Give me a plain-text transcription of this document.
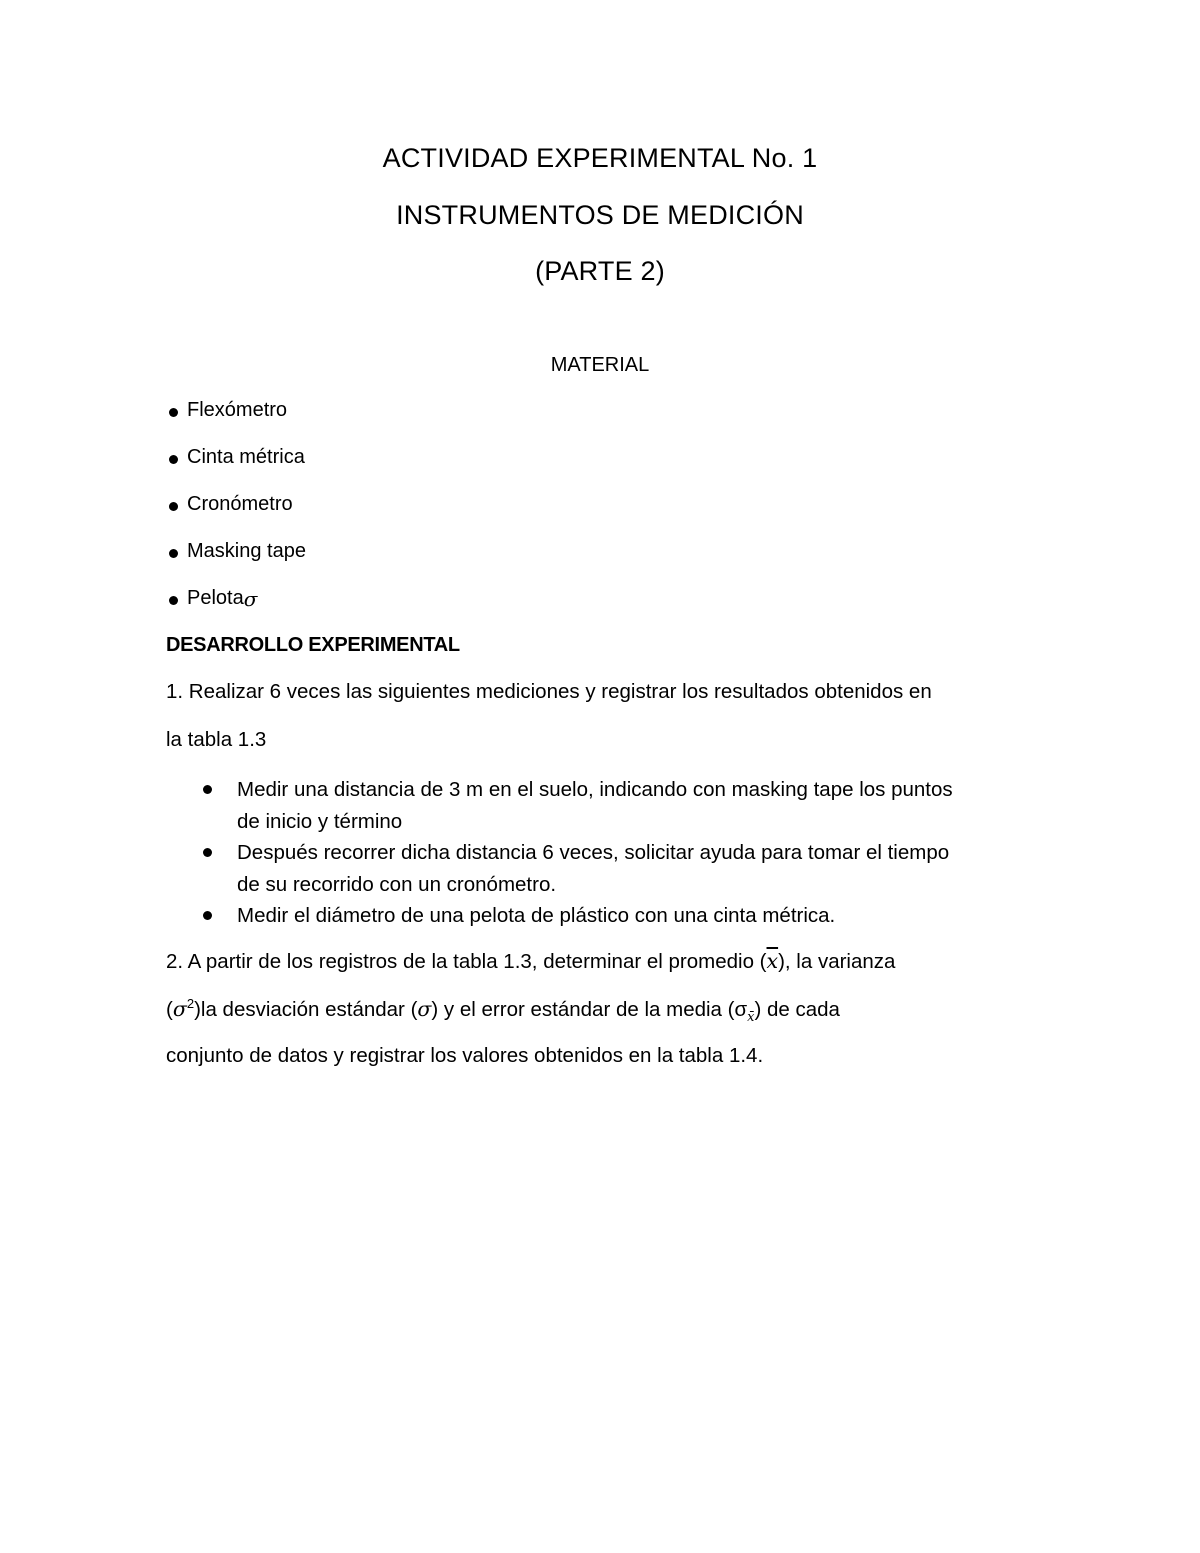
ACTIVIDAD EXPERIMENTAL No. 1
INSTRUMENTOS DE MEDICIÓN
(PARTE 2)
MATERIAL
Flexómetro
Cinta métrica
Cronómetro
Masking tape
Pelota σ
DESARROLLO EXPERIMENTAL
1. Realizar 6 veces las siguientes mediciones y registrar los resultados obtenidos en
la tabla 1.3
Medir una distancia de 3 m en el suelo, indicando con masking tape los puntos de inicio y término
Después recorrer dicha distancia 6 veces, solicitar ayuda para tomar el tiempo de su recorrido con un cronómetro.
Medir el diámetro de una pelota de plástico con una cinta métrica.
2. A partir de los registros de la tabla 1.3, determinar el promedio $(\overline{x})$, la varianza
$(\sigma^2)la$ desviación estándar (σ) y el error estándar de la media $(\sigma_{x̄})$ de cada
conjunto de datos y registrar los valores obtenidos en la tabla 1.4.
